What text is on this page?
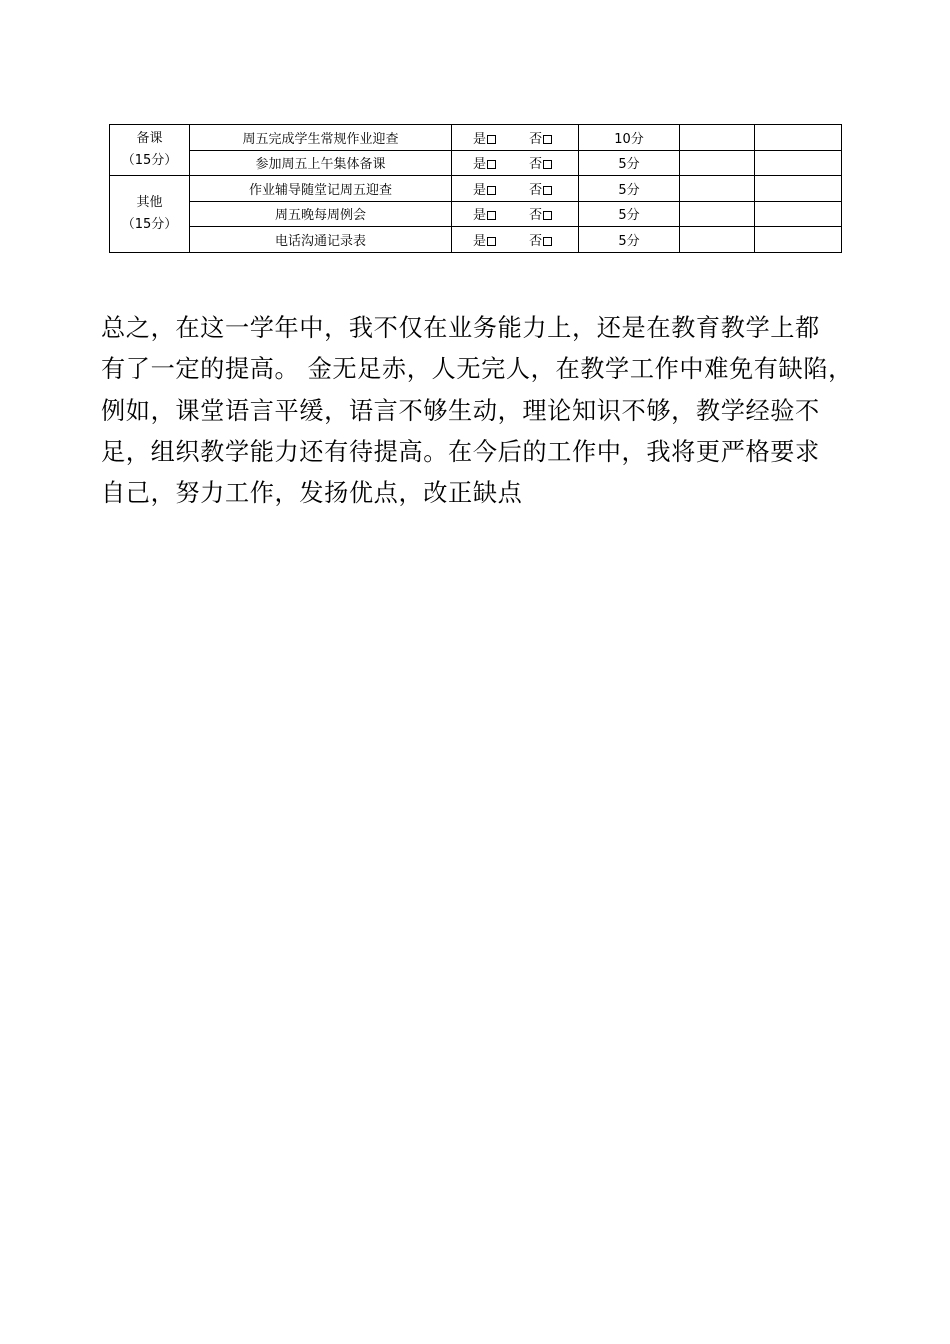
备课
（15分）	周五完成学生常规作业迎查	是 否	10分		
	参加周五上午集体备课	是 否	5分		

其他
（15分）	作业辅导随堂记周五迎查	是 否	5分		
	周五晚每周例会	是 否	5分		
	电话沟通记录表	是 否	5分		
总之，在这一学年中，我不仅在业务能力上，还是在教育教学上都
有了一定的提高。 金无足赤，人无完人，在教学工作中难免有缺陷，
例如，课堂语言平缓，语言不够生动，理论知识不够，教学经验不
足，组织教学能力还有待提高。在今后的工作中，我将更严格要求
自己，努力工作，发扬优点，改正缺点
